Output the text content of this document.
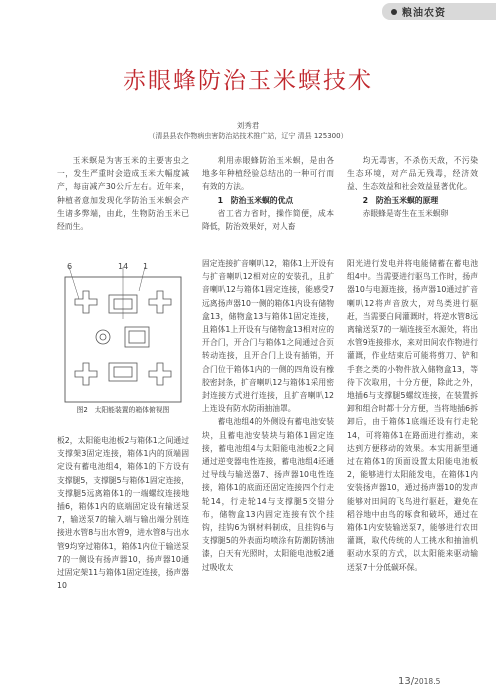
粮油农资
赤眼蜂防治玉米螟技术
刘秀君
（清县县农作物病虫害防治站技术推广站，辽宁 清县 125300）

玉米螟是为害玉米的主要害虫之一，发生严重时会造成玉米大幅度减产，每亩减产30公斤左右。近年来，种植者意加发现化学防治玉米螟会产生诸多弊端，由此，生物防治玉米已经而生。

利用赤眼蜂防治玉米螟，是由各地多年种植经验总结出的一种可行而有效的方法。

1　防治玉米螟的优点

省工省力省时，操作简便，成本降低，防治效果好，对人畜

均无毒害，不杀伤天敌，不污染生态环境，对产品无残毒，经济效益、生态效益和社会效益显著优化。

2　防治玉米螟的原理

赤眼蜂是寄生在玉米螟卵

6	14 1
图2　太阳能装置的箱体俯视图

板2，太阳能电池板2与箱体1之间通过支撑架3固定连接，箱体1内的顶端固定设有蓄电池组4，箱体1的下方设有支撑腿5，支撑腿5与箱体1固定连接，支撑腿5远离箱体1的一端螺纹连接地插6，箱体1内的底端固定设有输送泵7，输送泵7的输入端与输出端分别连接进水管8与出水管9，进水管8与出水管9均穿过箱体1，箱体1内位于输送泵7的一侧设有扬声器10，扬声器10通过固定架11与箱体1固定连接，扬声器10

固定连接扩音喇叭12，箱体1上开设有与扩音喇叭12相对应的安装孔，且扩音喇叭12与箱体1固定连接，能感受7远离扬声器10一侧的箱体1内设有储物盒13，储物盒13与箱体1固定连接，且箱体1上开设有与储物盒13相对应的开合门，开合门与箱体1之间通过合页转动连接，且开合门上设有插销，开合门位于箱体1内的一侧的四角设有橡胶密封条，扩音喇叭12与箱体1采用密封连接方式进行连接，且扩音喇叭12上连设有防水防雨抽油罩。

蓄电池组4的外侧设有蓄电池安装块，且蓄电池安装块与箱体1固定连接，蓄电池组4与太阳能电池板2之间通过逆变器电性连接，蓄电池组4还通过导线与输送器7、扬声器10电性连接，箱体1的底面还固定连接四个行走轮14，行走轮14与支撑腿5交错分布，储物盒13内固定连接有饮个挂钩，挂钩6为钢材料制成，且挂钩6与支撑腿5的外表面均喷涂有防潮防锈油漆，白天有光照时，太阳能电池板2通过吸收太

阳光进行发电并将电能储蓄在蓄电池组4中。当需要进行驱鸟工作时，扬声器10与电源连接，扬声器10通过扩音喇叭12将声音放大，对鸟类进行驱赶，当需要白间灌溉时，将逆水管8远离输送泵7的一端连接至水源处，将出水管9连接排水，来对田间农作物进行灌溉，作业结束后可能将剪刀、铲和手套之类的小物件放入储物盒13，等待下次取用，十分方便，除此之外，地插6与支撑腿5螺纹连接，在装置拆卸和组合时都十分方便，当将地插6拆卸后，由于箱体1底端还设有行走轮14，可将箱体1在路面进行推动，来达到方便移动的效果。本实用新型通过在箱体1的顶面设置太阳能电池板2，能够进行太阳能发电，在箱体1内安装扬声器10，通过扬声器10的发声能够对田间的飞鸟进行驱赶，避免在稻谷地中由鸟的啄食和破坏，通过在箱体1内安装输送泵7，能够进行农田灌溉，取代传统的人工挑水和抽油机驱动水泵的方式，以太阳能来驱动输送泵7十分低碳环保。

13/2018.5
